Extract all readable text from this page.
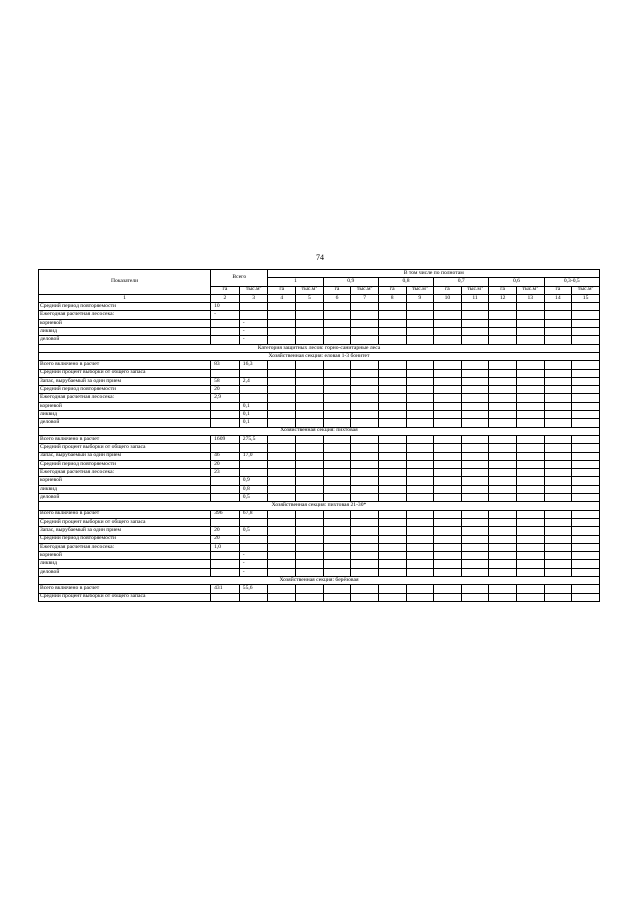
74
Показатели	Всего		В том числе по полнотам											
			1		0,9		0,8		0,7		0,6		0,3-0,5	
	га	$тыс.м^3$	га	$тыс.м^3$	га	$тыс.м^3$	га	$тыс.м^3$	га	$тыс.м^3$	га	$тыс.м^3$	га	$тыс.м^3$
1	2	3	4	5	6	7	8	9	10	11	12	13	14	15
Средний период повторяемости	10													
Ежегодная расчетная лесосека:	-													
корневой		-												
ликвид		-												
деловой		-												
Категория защитных лесов: горно-санитарные леса														
Хозяйственная секция: еловая 1-3 бонитет														
Всего включено в расчет	83	16,3												
Средний процент выборки от общего запаса														
Запас, вырубаемый за один прием	58	2,4												
Средний период повторяемости	20													
Ежегодная расчетная лесосека:	2,9													
корневой		0,1												
ликвид		0,1												
деловой		0,1												
Хозяйственная секция: пихтовая														
Всего включено в расчет	1609	275,5												
Средний процент выборки от общего запаса														
Запас, вырубаемый за один прием	46	17,0												
Средний период повторяемости	20													
Ежегодная расчетная лесосека:	23													
корневой		0,9												
ликвид		0,8												
деловой		0,5												
Хозяйственная секция: пихтовая 21-30*														
Всего включено в расчет	396	67,8												
Средний процент выборки от общего запаса														
Запас, вырубаемый за один прием	20	0,5												
Средний период повторяемости	20													
Ежегодная расчетная лесосека:	1,0													
корневой		-												
ликвид		-												
деловой		-												
Хозяйственная секция: берёзовая														
Всего включено в расчет	431	55,6												
Средний процент выборки от общего запаса														
